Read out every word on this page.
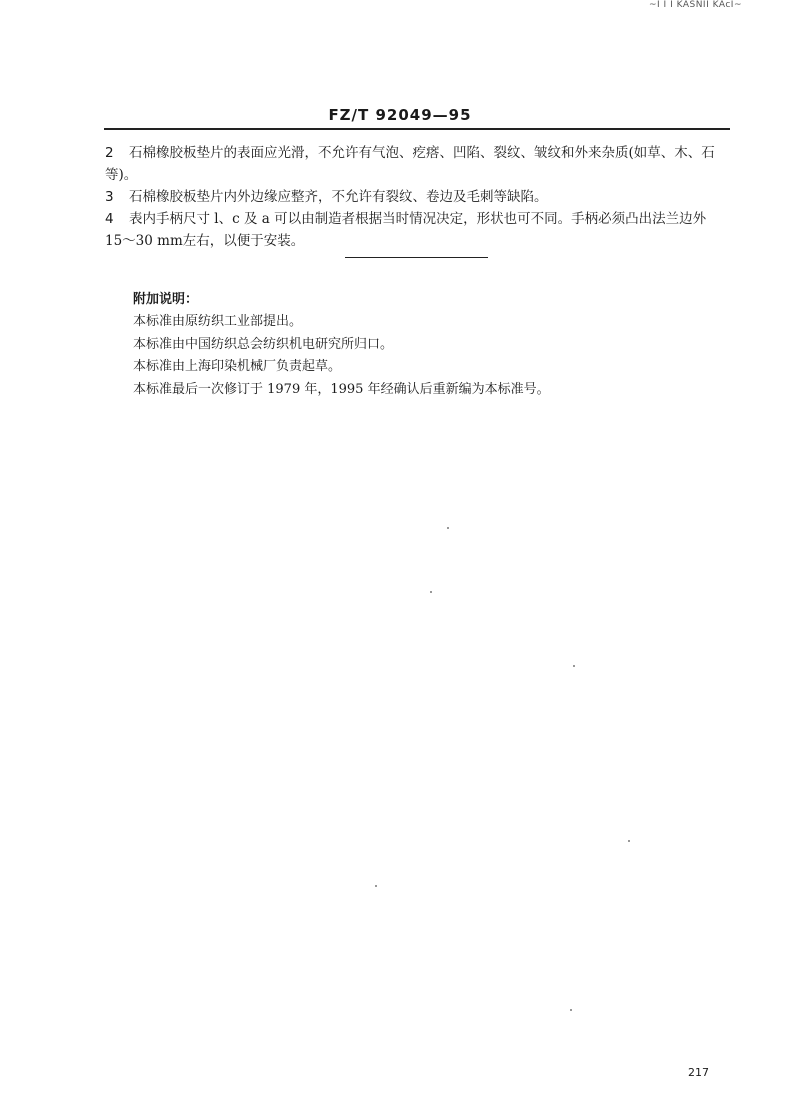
~I I I KASNII KAcI~
FZ/T 92049—95
2 石棉橡胶板垫片的表面应光滑，不允许有气泡、疙瘩、凹陷、裂纹、皱纹和外来杂质(如草、木、石等)。
3 石棉橡胶板垫片内外边缘应整齐，不允许有裂纹、卷边及毛刺等缺陷。
4 表内手柄尺寸 l、c 及 a 可以由制造者根据当时情况决定，形状也可不同。手柄必须凸出法兰边外
15～30 mm左右，以便于安装。
附加说明：
本标准由原纺织工业部提出。
本标准由中国纺织总会纺织机电研究所归口。
本标准由上海印染机械厂负责起草。
本标准最后一次修订于 1979 年，1995 年经确认后重新编为本标准号。
217
